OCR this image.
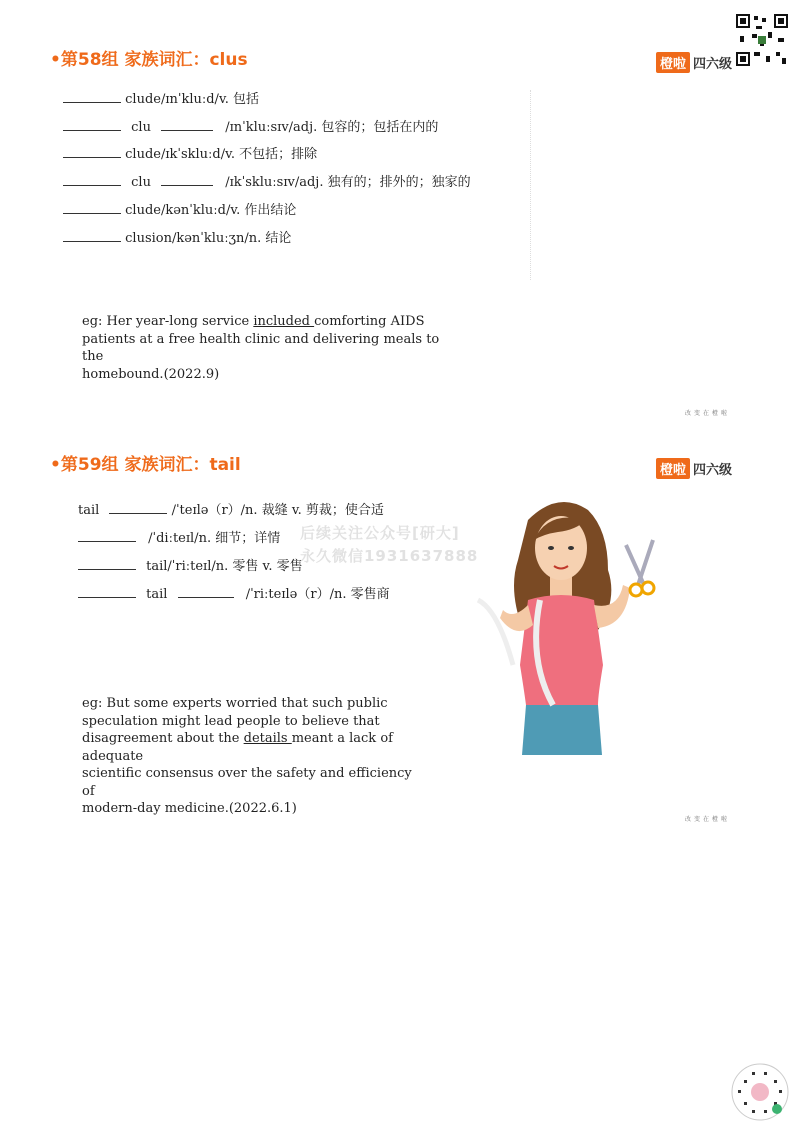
•第58组 家族词汇：clus	橙啦 四六级
clude/ɪnˈkluːd/v. 包括
clu	/ɪnˈkluːsɪv/adj. 包容的；包括在内的
clude/ɪkˈskluːd/v. 不包括；排除
clu	/ɪkˈskluːsɪv/adj. 独有的；排外的；独家的
clude/kənˈkluːd/v. 作出结论
clusion/kənˈkluːʒn/n. 结论
eg: Her year-long service included comforting AIDS
patients at a free health clinic and delivering meals to the
homebound.(2022.9)
改变在橙啦
•第59组 家族词汇：tail	橙啦 四六级
tail	/ˈteɪlə（r）/n. 裁缝 v. 剪裁；使合适
/ˈdiːteɪl/n. 细节；详情
tail/ˈriːteɪl/n. 零售 v. 零售
tail	/ˈriːteɪlə（r）/n. 零售商
后续关注公众号[研大]
永久微信1931637888
eg: But some experts worried that such public
speculation might lead people to believe that
disagreement about the details meant a lack of adequate
scientific consensus over the safety and efficiency of
modern-day medicine.(2022.6.1)
改变在橙啦
